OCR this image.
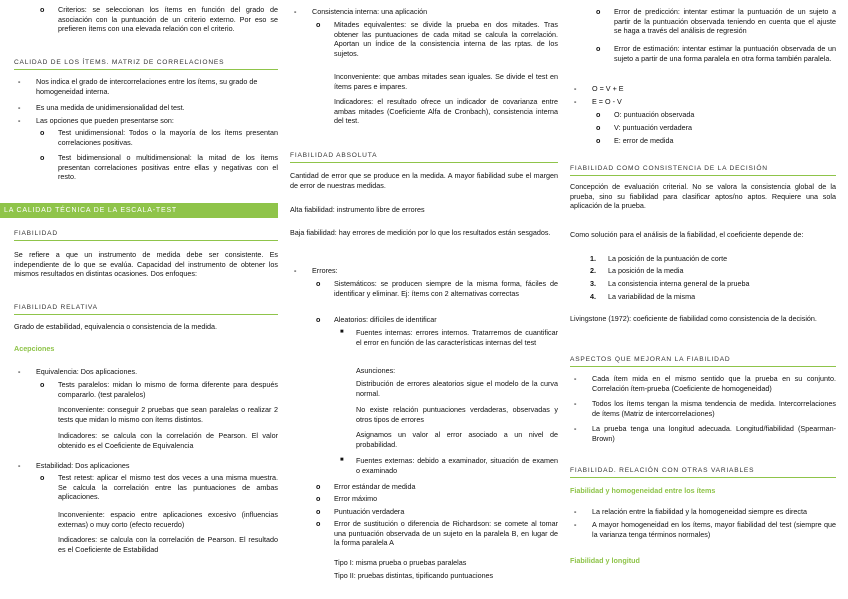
o Criterios: se seleccionan los ítems en función del grado de asociación con la puntuación de un criterio externo. Por eso se prefieren ítems con una elevada relación con el criterio.

CALIDAD DE LOS ÍTEMS. MATRIZ DE CORRELACIONES
- Nos indica el grado de intercorrelaciones entre los ítems, su grado de homogeneidad interna.

- Es una medida de unidimensionalidad del test.

- Las opciones que pueden presentarse son:

o Test unidimensional: Todos o la mayoría de los ítems presentan correlaciones positivas.

o Test bidimensional o multidimensional: la mitad de los ítems presentan correlaciones positivas entre ellas y negativas con el resto.

LA CALIDAD TÉCNICA DE LA ESCALA-TEST
FIABILIDAD

Se refiere a que un instrumento de medida debe ser consistente. Es independiente de lo que se evalúa. Capacidad del instrumento de obtener los mismos resultados en distintas ocasiones. Dos enfoques:

FIABILIDAD RELATIVA

Grado de estabilidad, equivalencia o consistencia de la medida.

Acepciones

- Equivalencia: Dos aplicaciones.

o Tests paralelos: midan lo mismo de forma diferente para después compararlo. (test paralelos)

Inconveniente: conseguir 2 pruebas que sean paralelas o realizar 2 tests que midan lo mismo con ítems distintos.

Indicadores: se calcula con la correlación de Pearson. El valor obtenido es el Coeficiente de Equivalencia

- Estabilidad: Dos aplicaciones

o Test retest: aplicar el mismo test dos veces a una misma muestra. Se calcula la correlación entre las puntuaciones de ambas aplicaciones.

Inconveniente: espacio entre aplicaciones excesivo (influencias externas) o muy corto (efecto recuerdo)

Indicadores: se calcula con la correlación de Pearson. El resultado es el Coeficiente de Estabilidad

- Consistencia interna: una aplicación

o Mitades equivalentes: se divide la prueba en dos mitades. Tras obtener las puntuaciones de cada mitad se calcula la correlación. Aportan un índice de la consistencia interna de las rptas. de los sujetos.

Inconveniente: que ambas mitades sean iguales. Se divide el test en ítems pares e impares.

Indicadores: el resultado ofrece un indicador de covarianza entre ambas mitades (Coeficiente Alfa de Cronbach), consistencia interna del test.

FIABILIDAD ABSOLUTA

Cantidad de error que se produce en la medida. A mayor fiabilidad sube el margen de error de nuestras medidas.

Alta fiabilidad: instrumento libre de errores

Baja fiabilidad: hay errores de medición por lo que los resultados están sesgados.

- Errores:

o Sistemáticos: se producen siempre de la misma forma, fáciles de identificar y eliminar. Ej: ítems con 2 alternativas correctas

o Aleatorios: difíciles de identificar

■ Fuentes internas: errores internos. Tratarremos de cuantificar el error en función de las características internas del test

Asunciones:

Distribución de errores aleatorios sigue el modelo de la curva normal.

No existe relación puntuaciones verdaderas, observadas y otros tipos de errores

Asignamos un valor al error asociado a un nivel de probabilidad.

■ Fuentes externas: debido a examinador, situación de examen o examinado

o Error estándar de medida

o Error máximo

o Puntuación verdadera

o Error de sustitución o diferencia de Richardson: se comete al tomar una puntuación observada de un sujeto en la paralela B, en lugar de la forma paralela A

Tipo I: misma prueba o pruebas paralelas

Tipo II: pruebas distintas, tipificando puntuaciones

o Error de predicción: intentar estimar la puntuación de un sujeto a partir de la puntuación observada teniendo en cuenta que el ajuste se haga a través del análisis de regresión

o Error de estimación: intentar estimar la puntuación observada de un sujeto a partir de una forma paralela en otra forma también paralela.

- O = V + E

- E = O - V

o O: puntuación observada

o V: puntuación verdadera

o E: error de medida

FIABILIDAD COMO CONSISTENCIA DE LA DECISIÓN

Concepción de evaluación criterial. No se valora la consistencia global de la prueba, sino su fiabilidad para clasificar aptos/no aptos. Requiere una sola aplicación de la prueba.

Como solución para el análisis de la fiabilidad, el coeficiente depende de:

1. La posición de la puntuación de corte

2. La posición de la media

3. La consistencia interna general de la prueba

4. La variabilidad de la misma

Livingstone (1972): coeficiente de fiabilidad como consistencia de la decisión.

ASPECTOS QUE MEJORAN LA FIABILIDAD
- Cada ítem mida en el mismo sentido que la prueba en su conjunto. Correlación ítem-prueba (Coeficiente de homogeneidad)

- Todos los ítems tengan la misma tendencia de medida. Intercorrelaciones de ítems (Matriz de intercorrelaciones)

- La prueba tenga una longitud adecuada. Longitud/fiabilidad (Spearman-Brown)

FIABILIDAD. RELACIÓN CON OTRAS VARIABLES

Fiabilidad y homogeneidad entre los ítems

- La relación entre la fiabilidad y la homogeneidad siempre es directa

- A mayor homogeneidad en los ítems, mayor fiabilidad del test (siempre que la varianza tenga términos normales)

Fiabilidad y longitud
